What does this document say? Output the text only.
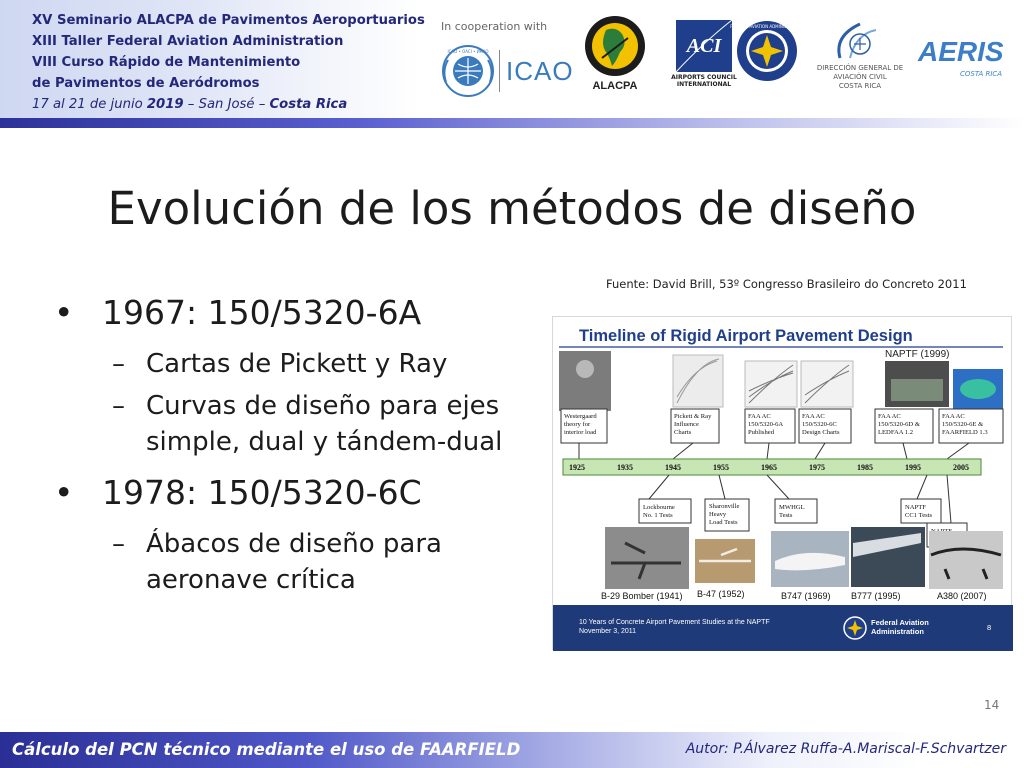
XV Seminario ALACPA de Pavimentos Aeroportuarios
XIII Taller Federal Aviation Administration
VIII Curso Rápido de Mantenimiento
de Pavimentos de Aeródromos
17 al 21 de junio 2019 – San José – Costa Rica
In cooperation with
ICAO • OACI • ИКАО
ICAO	ALACPA
ACI
AIRPORTS COUNCIL INTERNATIONAL
FEDERAL AVIATION ADMINISTRATION
DIRECCIÓN GENERAL DE AVIACIÓN CIVIL
COSTA RICA
AERIS
COSTA RICA
Evolución de los métodos de diseño
• 1967: 150/5320-6A
– Cartas de Pickett y Ray
– Curvas de diseño para ejes simple, dual y tándem-dual
• 1978: 150/5320-6C
– Ábacos de diseño para aeronave crítica
Fuente: David Brill, 53º Congresso Brasileiro do Concreto 2011
Timeline of Rigid Airport Pavement Design
NAPTF (1999)
Westergaard
theory for
interior load
Pickett & Ray
Influence
Charts
FAA AC
150/5320-6A
Published
FAA AC
150/5320-6C
Design Charts
FAA AC
150/5320-6D &
LEDFAA 1.2
FAA AC
150/5320-6E &
FAARFIELD 1.3
1925	1935	1945	1955	1965	1975	1985	1995	2005
Lockbourne
No. 1 Tests
Sharonville
Heavy
Load Tests
MWHGL
Tests
NAPTF
CC1 Tests
B-29 Bomber (1941) B-47 (1952)	B747 (1969) B777 (1995)	A380 (2007)
10 Years of Concrete Airport Pavement Studies at the NAPTF
November 3, 2011
Federal Aviation
Administration	8
14
Cálculo del PCN técnico mediante el uso de FAARFIELD	Autor: P.Álvarez Ruffa-A.Mariscal-F.Schvartzer
